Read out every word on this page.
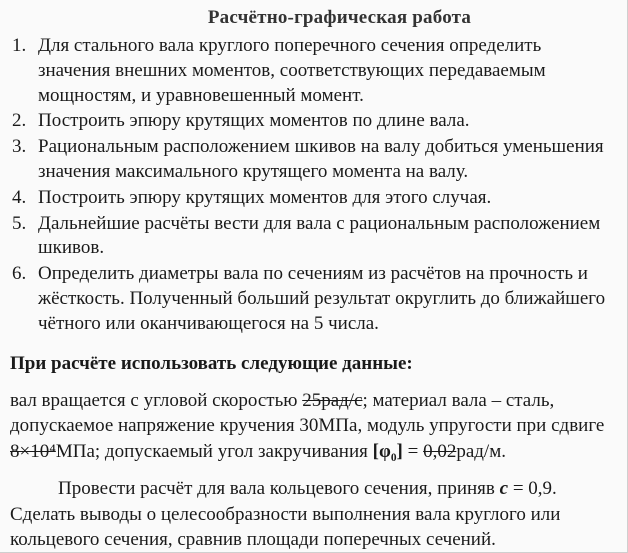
Расчётно-графическая работа
1. Для стального вала круглого поперечного сечения определить значения внешних моментов, соответствующих передаваемым мощностям, и уравновешенный момент.
2. Построить эпюру крутящих моментов по длине вала.
3. Рациональным расположением шкивов на валу добиться уменьшения значения максимального крутящего момента на валу.
4. Построить эпюру крутящих моментов для этого случая.
5. Дальнейшие расчёты вести для вала с рациональным расположением шкивов.
6. Определить диаметры вала по сечениям из расчётов на прочность и жёсткость. Полученный больший результат округлить до ближайшего чётного или оканчивающегося на 5 числа.
При расчёте использовать следующие данные:

вал вращается с угловой скоростью 25рад/с; материал вала – сталь, допускаемое напряжение кручения 30МПа, модуль упругости при сдвиге 8×10⁴МПа; допускаемый угол закручивания [φ₀] = 0,02рад/м.

Провести расчёт для вала кольцевого сечения, приняв c = 0,9. Сделать выводы о целесообразности выполнения вала круглого или кольцевого сечения, сравнив площади поперечных сечений.
